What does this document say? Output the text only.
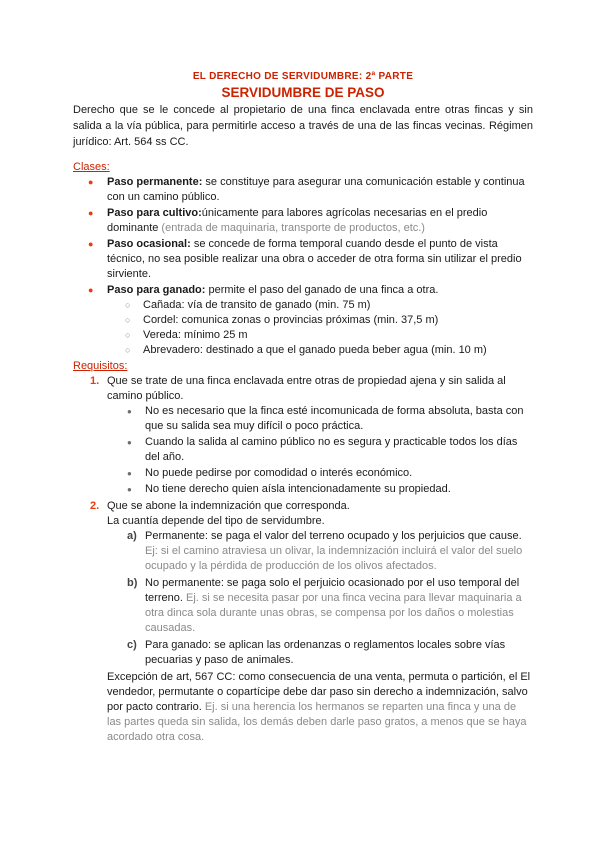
EL DERECHO DE SERVIDUMBRE: 2ª PARTE

SERVIDUMBRE DE PASO

Derecho que se le concede al propietario de una finca enclavada entre otras fincas y sin salida a la vía pública, para permitirle acceso a través de una de las fincas vecinas. Régimen jurídico: Art. 564 ss CC.

Clases:

● Paso permanente: se constituye para asegurar una comunicación estable y continua con un camino público.
● Paso para cultivo:únicamente para labores agrícolas necesarias en el predio dominante (entrada de maquinaria, transporte de productos, etc.)
● Paso ocasional: se concede de forma temporal cuando desde el punto de vista técnico, no sea posible realizar una obra o acceder de otra forma sin utilizar el predio sirviente.
● Paso para ganado: permite el paso del ganado de una finca a otra.
○ Cañada: vía de transito de ganado (min. 75 m)
○ Cordel: comunica zonas o provincias próximas (min. 37,5 m)
○ Vereda: mínimo 25 m
○ Abrevadero: destinado a que el ganado pueda beber agua (min. 10 m)

Requisitos:

1. Que se trate de una finca enclavada entre otras de propiedad ajena y sin salida al camino público.
● No es necesario que la finca esté incomunicada de forma absoluta, basta con que su salida sea muy difícil o poco práctica.
● Cuando la salida al camino público no es segura y practicable todos los días del año.
● No puede pedirse por comodidad o interés económico.
● No tiene derecho quien aísla intencionadamente su propiedad.
2. Que se abone la indemnización que corresponda.

La cuantía depende del tipo de servidumbre.

a) Permanente: se paga el valor del terreno ocupado y los perjuicios que cause.
Ej: si el camino atraviesa un olivar, la indemnización incluirá el valor del suelo ocupado y la pérdida de producción de los olivos afectados.
b) No permanente: se paga solo el perjuicio ocasionado por el uso temporal del terreno. Ej. si se necesita pasar por una finca vecina para llevar maquinaria a otra dinca sola durante unas obras, se compensa por los daños o molestias causadas.
c) Para ganado: se aplican las ordenanzas o reglamentos locales sobre vías pecuarias y paso de animales.

Excepción de art, 567 CC: como consecuencia de una venta, permuta o partición, el El vendedor, permutante o copartícipe debe dar paso sin derecho a indemnización, salvo por pacto contrario. Ej. si una herencia los hermanos se reparten una finca y una de las partes queda sin salida, los demás deben darle paso gratos, a menos que se haya acordado otra cosa.
